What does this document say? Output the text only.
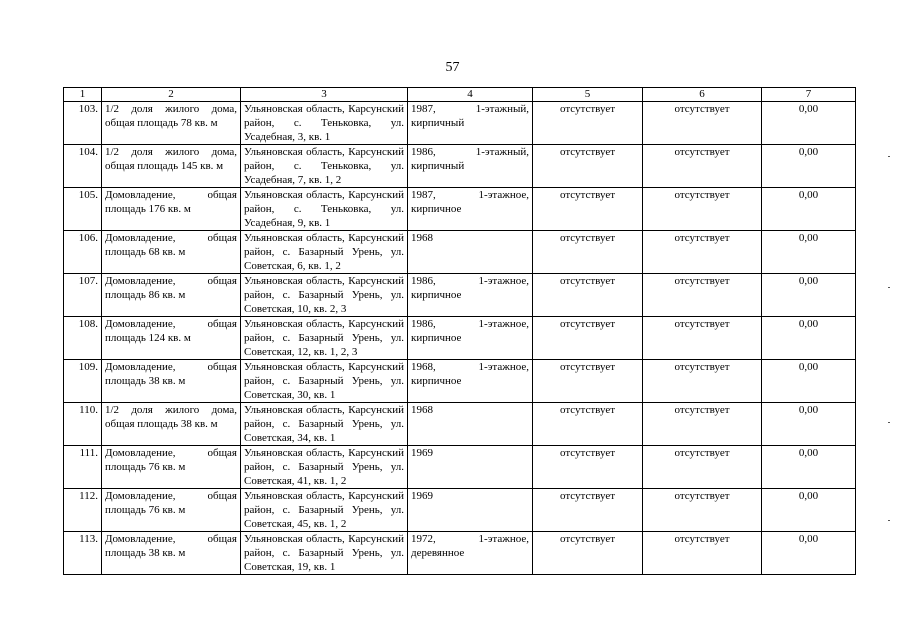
57
1	2	3	4	5	6	7
103.	1/2 доля жилого дома, общая площадь 78 кв. м	Ульяновская область, Карсунский район, с. Теньковка, ул. Усадебная, 3, кв. 1	1987, 1-этажный, кирпичный	отсутствует	отсутствует	0,00
104.	1/2 доля жилого дома, общая площадь 145 кв. м	Ульяновская область, Карсунский район, с. Теньковка, ул. Усадебная, 7, кв. 1, 2	1986, 1-этажный, кирпичный	отсутствует	отсутствует	0,00
105.	Домовладение, общая площадь 176 кв. м	Ульяновская область, Карсунский район, с. Теньковка, ул. Усадебная, 9, кв. 1	1987, 1-этажное, кирпичное	отсутствует	отсутствует	0,00
106.	Домовладение, общая площадь 68 кв. м	Ульяновская область, Карсунский район, с. Базарный Урень, ул. Советская, 6, кв. 1, 2	1968	отсутствует	отсутствует	0,00
107.	Домовладение, общая площадь 86 кв. м	Ульяновская область, Карсунский район, с. Базарный Урень, ул. Советская, 10, кв. 2, 3	1986, 1-этажное, кирпичное	отсутствует	отсутствует	0,00
108.	Домовладение, общая площадь 124 кв. м	Ульяновская область, Карсунский район, с. Базарный Урень, ул. Советская, 12, кв. 1, 2, 3	1986, 1-этажное, кирпичное	отсутствует	отсутствует	0,00
109.	Домовладение, общая площадь 38 кв. м	Ульяновская область, Карсунский район, с. Базарный Урень, ул. Советская, 30, кв. 1	1968, 1-этажное, кирпичное	отсутствует	отсутствует	0,00
110.	1/2 доля жилого дома, общая площадь 38 кв. м	Ульяновская область, Карсунский район, с. Базарный Урень, ул. Советская, 34, кв. 1	1968	отсутствует	отсутствует	0,00
111.	Домовладение, общая площадь 76 кв. м	Ульяновская область, Карсунский район, с. Базарный Урень, ул. Советская, 41, кв. 1, 2	1969	отсутствует	отсутствует	0,00
112.	Домовладение, общая площадь 76 кв. м	Ульяновская область, Карсунский район, с. Базарный Урень, ул. Советская, 45, кв. 1, 2	1969	отсутствует	отсутствует	0,00
113.	Домовладение, общая площадь 38 кв. м	Ульяновская область, Карсунский район, с. Базарный Урень, ул. Советская, 19, кв. 1	1972, 1-этажное, деревянное	отсутствует	отсутствует	0,00
